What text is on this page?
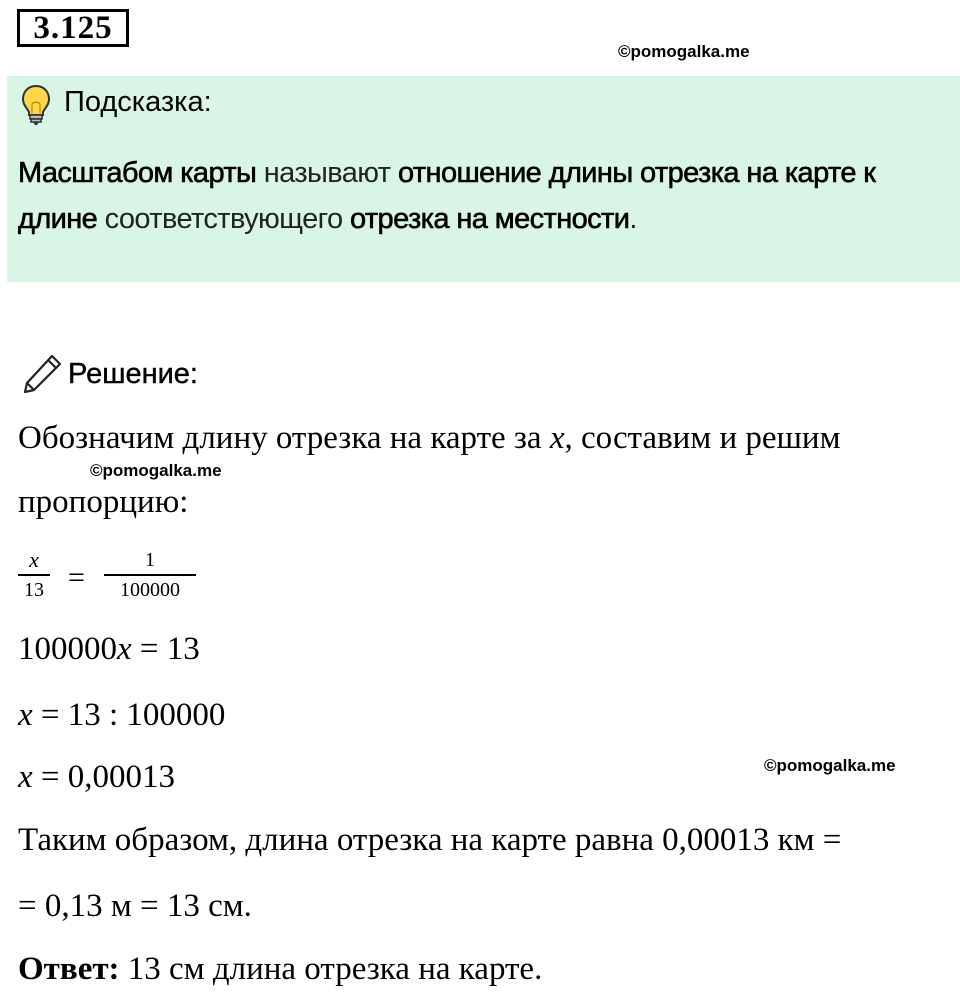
3.125
©pomogalka.me
Подсказка:
Масштабом карты называют отношение длины отрезка на карте к длине соответствующего отрезка на местности.
Решение:
Обозначим длину отрезка на карте за x, составим и решим
©pomogalka.me
пропорцию:
x
13 =
1
100000
100000x = 13
x = 13 : 100000
x = 0,00013	©pomogalka.me
Таким образом, длина отрезка на карте равна 0,00013 км =
= 0,13 м = 13 см.
Ответ: 13 см длина отрезка на карте.
